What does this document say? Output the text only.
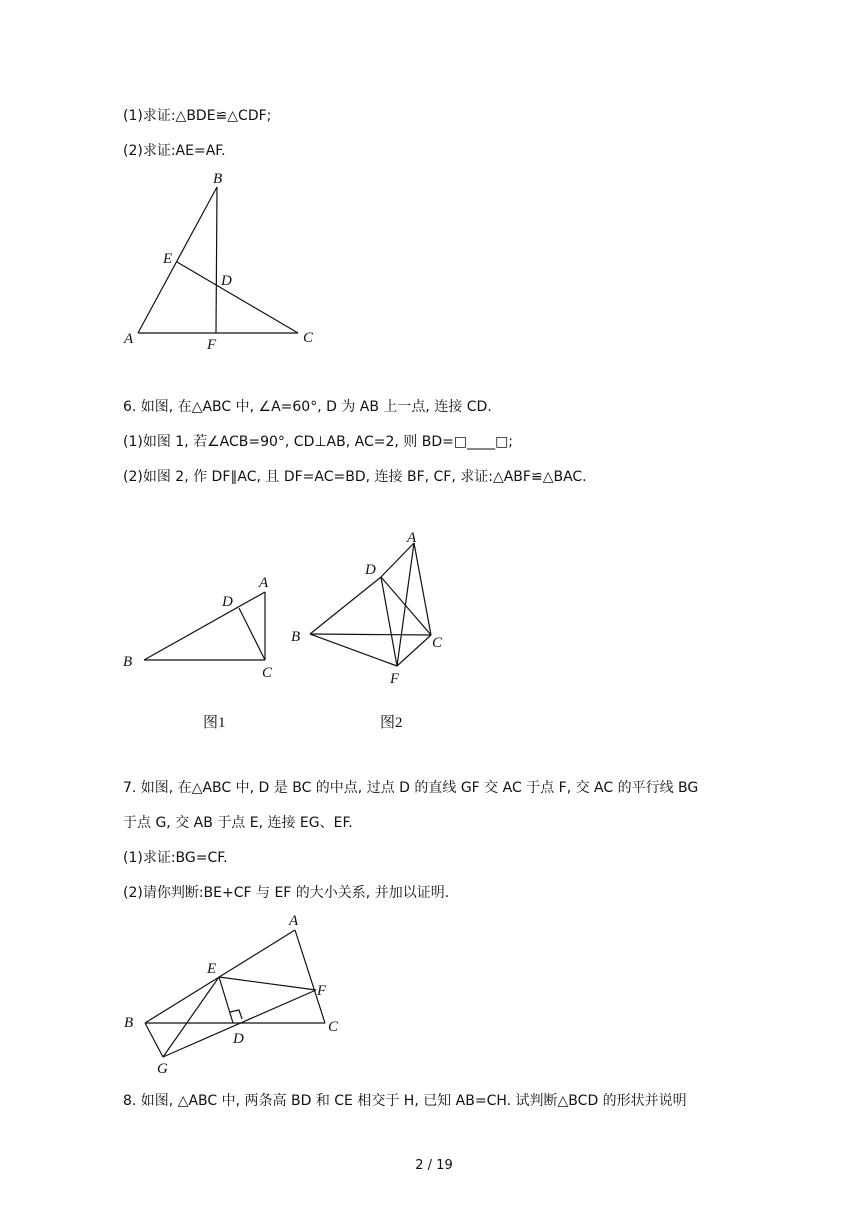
(1)求证:△BDE≌△CDF;
(2)求证:AE=AF.
B
E
D
A	F	C
6. 如图, 在△ABC 中, ∠A=60°, D 为 AB 上一点, 连接 CD.
(1)如图 1, 若∠ACB=90°, CD⊥AB, AC=2, 则 BD=□____□;
(2)如图 2, 作 DF∥AC, 且 DF=AC=BD, 连接 BF, CF, 求证:△ABF≌△BAC.
A
D
B
C
图1
A
D
B	C
F
图2
7. 如图, 在△ABC 中, D 是 BC 的中点, 过点 D 的直线 GF 交 AC 于点 F, 交 AC 的平行线 BG
于点 G, 交 AB 于点 E, 连接 EG、EF.
(1)求证:BG=CF.
(2)请你判断:BE+CF 与 EF 的大小关系, 并加以证明.
A
E
F
B	C
D
G
8. 如图, △ABC 中, 两条高 BD 和 CE 相交于 H, 已知 AB=CH. 试判断△BCD 的形状并说明
2 / 19
